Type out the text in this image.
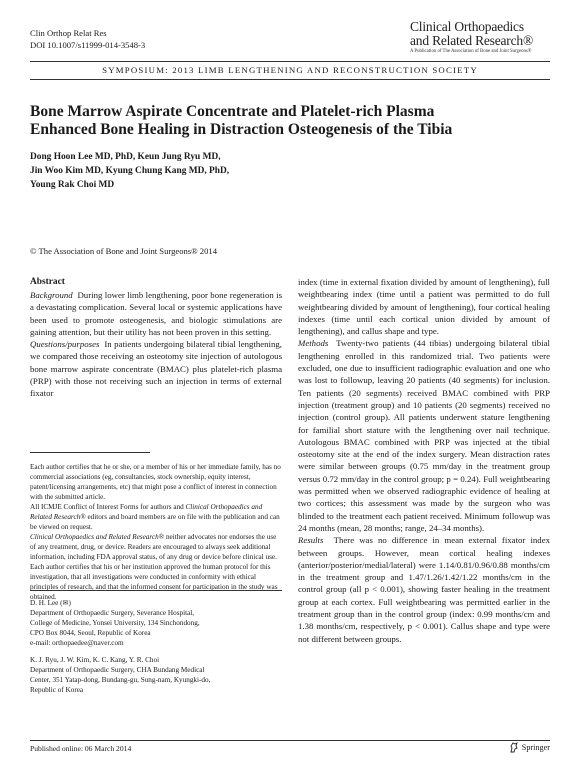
Clin Orthop Relat Res
DOI 10.1007/s11999-014-3548-3
Clinical Orthopaedics
and Related Research®
A Publication of The Association of Bone and Joint Surgeons®
SYMPOSIUM: 2013 LIMB LENGTHENING AND RECONSTRUCTION SOCIETY
Bone Marrow Aspirate Concentrate and Platelet-rich Plasma
Enhanced Bone Healing in Distraction Osteogenesis of the Tibia
Dong Hoon Lee MD, PhD, Keun Jung Ryu MD,
Jin Woo Kim MD, Kyung Chung Kang MD, PhD,
Young Rak Choi MD
© The Association of Bone and Joint Surgeons® 2014
Abstract

Background During lower limb lengthening, poor bone regeneration is a devastating complication. Several local or systemic applications have been used to promote osteogenesis, and biologic stimulations are gaining attention, but their utility has not been proven in this setting.

Questions/purposes In patients undergoing bilateral tibial lengthening, we compared those receiving an osteotomy site injection of autologous bone marrow aspirate concentrate (BMAC) plus platelet-rich plasma (PRP) with those not receiving such an injection in terms of external fixator

Each author certifies that he or she, or a member of his or her immediate family, has no commercial associations (eg, consultancies, stock ownership, equity interest, patent/licensing arrangements, etc) that might pose a conflict of interest in connection with the submitted article.

All ICMJE Conflict of Interest Forms for authors and Clinical Orthopaedics and Related Research® editors and board members are on file with the publication and can be viewed on request.

Clinical Orthopaedics and Related Research® neither advocates nor endorses the use of any treatment, drug, or device. Readers are encouraged to always seek additional information, including FDA approval status, of any drug or device before clinical use.

Each author certifies that his or her institution approved the human protocol for this investigation, that all investigations were conducted in conformity with ethical principles of research, and that the informed consent for participation in the study was obtained.

D. H. Lee (✉)

Department of Orthopaedic Surgery, Severance Hospital,

College of Medicine, Yonsei University, 134 Sinchondong,

CPO Box 8044, Seoul, Republic of Korea

e-mail: orthopaedee@naver.com

K. J. Ryu, J. W. Kim, K. C. Kang, Y. R. Choi

Department of Orthopaedic Surgery, CHA Bundang Medical

Center, 351 Yatap-dong, Bundang-gu, Sung-nam, Kyungki-do,

Republic of Korea

index (time in external fixation divided by amount of lengthening), full weightbearing index (time until a patient was permitted to do full weightbearing divided by amount of lengthening), four cortical healing indexes (time until each cortical union divided by amount of lengthening), and callus shape and type.

Methods Twenty-two patients (44 tibias) undergoing bilateral tibial lengthening enrolled in this randomized trial. Two patients were excluded, one due to insufficient radiographic evaluation and one who was lost to followup, leaving 20 patients (40 segments) for inclusion. Ten patients (20 segments) received BMAC combined with PRP injection (treatment group) and 10 patients (20 segments) received no injection (control group). All patients underwent stature lengthening for familial short stature with the lengthening over nail technique. Autologous BMAC combined with PRP was injected at the tibial osteotomy site at the end of the index surgery. Mean distraction rates were similar between groups (0.75 mm/day in the treatment group versus 0.72 mm/day in the control group; p = 0.24). Full weightbearing was permitted when we observed radiographic evidence of healing at two cortices; this assessment was made by the surgeon who was blinded to the treatment each patient received. Minimum followup was 24 months (mean, 28 months; range, 24–34 months).

Results There was no difference in mean external fixator index between groups. However, mean cortical healing indexes (anterior/posterior/medial/lateral) were 1.14/0.81/0.96/0.88 months/cm in the treatment group and 1.47/1.26/1.42/1.22 months/cm in the control group (all p < 0.001), showing faster healing in the treatment group at each cortex. Full weightbearing was permitted earlier in the treatment group than in the control group (index: 0.99 months/cm and 1.38 months/cm, respectively, p < 0.001). Callus shape and type were not different between groups.

Published online: 06 March 2014	Springer
